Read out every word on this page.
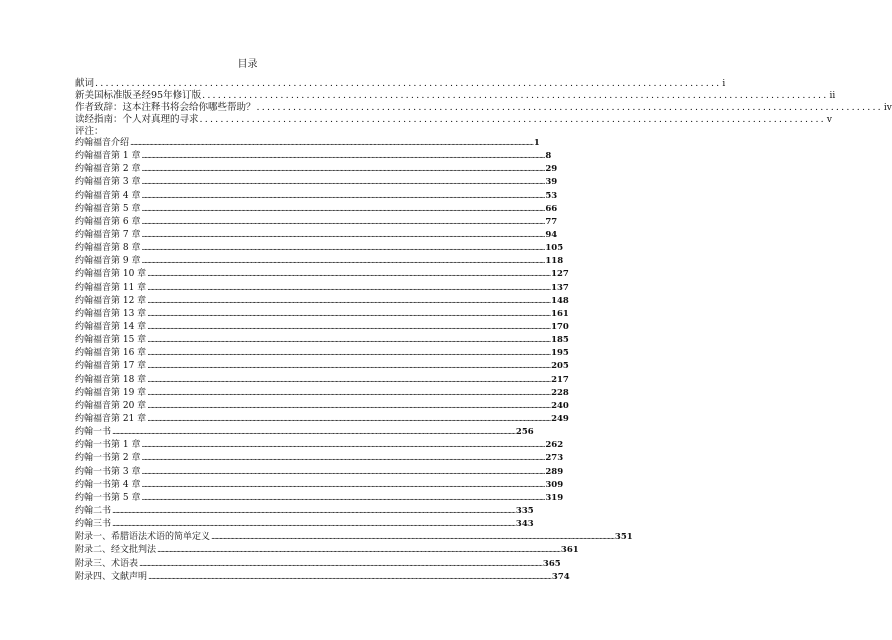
目录
献词 ........................................................................................................................ i
新美国标准版圣经95年修订版 ........................................................................................................................ ii
作者致辞：这本注释书将会给你哪些帮助？ ........................................................................................................................ iv
读经指南：个人对真理的寻求 ........................................................................................................................ v
评注：
约翰福音介绍 ............................................................................................................................................................................................................................................................................................................ 1
约翰福音第 1 章 ............................................................................................................................................................................................................................................................................................................ 8
约翰福音第 2 章 ............................................................................................................................................................................................................................................................................................................ 29
约翰福音第 3 章 ............................................................................................................................................................................................................................................................................................................ 39
约翰福音第 4 章 ............................................................................................................................................................................................................................................................................................................ 53
约翰福音第 5 章 ............................................................................................................................................................................................................................................................................................................ 66
约翰福音第 6 章 ............................................................................................................................................................................................................................................................................................................ 77
约翰福音第 7 章 ............................................................................................................................................................................................................................................................................................................ 94
约翰福音第 8 章 ............................................................................................................................................................................................................................................................................................................ 105
约翰福音第 9 章 ............................................................................................................................................................................................................................................................................................................ 118
约翰福音第 10 章 ............................................................................................................................................................................................................................................................................................................ 127
约翰福音第 11 章 ............................................................................................................................................................................................................................................................................................................ 137
约翰福音第 12 章 ............................................................................................................................................................................................................................................................................................................ 148
约翰福音第 13 章 ............................................................................................................................................................................................................................................................................................................ 161
约翰福音第 14 章 ............................................................................................................................................................................................................................................................................................................ 170
约翰福音第 15 章 ............................................................................................................................................................................................................................................................................................................ 185
约翰福音第 16 章 ............................................................................................................................................................................................................................................................................................................ 195
约翰福音第 17 章 ............................................................................................................................................................................................................................................................................................................ 205
约翰福音第 18 章 ............................................................................................................................................................................................................................................................................................................ 217
约翰福音第 19 章 ............................................................................................................................................................................................................................................................................................................ 228
约翰福音第 20 章 ............................................................................................................................................................................................................................................................................................................ 240
约翰福音第 21 章 ............................................................................................................................................................................................................................................................................................................ 249
约翰一书 ............................................................................................................................................................................................................................................................................................................ 256
约翰一书第 1 章 ............................................................................................................................................................................................................................................................................................................ 262
约翰一书第 2 章 ............................................................................................................................................................................................................................................................................................................ 273
约翰一书第 3 章 ............................................................................................................................................................................................................................................................................................................ 289
约翰一书第 4 章 ............................................................................................................................................................................................................................................................................................................ 309
约翰一书第 5 章 ............................................................................................................................................................................................................................................................................................................ 319
约翰二书 ............................................................................................................................................................................................................................................................................................................ 335
约翰三书 ............................................................................................................................................................................................................................................................................................................ 343
附录一、希腊语法术语的简单定义 ............................................................................................................................................................................................................................................................................................................ 351
附录二、经文批判法 ............................................................................................................................................................................................................................................................................................................ 361
附录三、术语表 ............................................................................................................................................................................................................................................................................................................ 365
附录四、文献声明 ............................................................................................................................................................................................................................................................................................................ 374
